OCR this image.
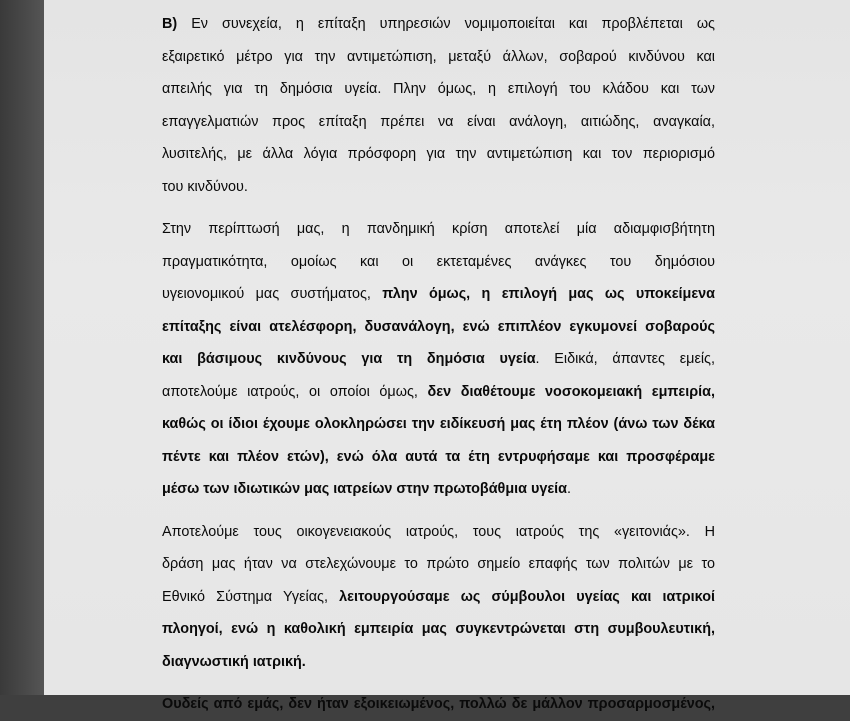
B) Εν συνεχεία, η επίταξη υπηρεσιών νομιμοποιείται και προβλέπεται ως
εξαιρετικό μέτρο για την αντιμετώπιση, μεταξύ άλλων, σοβαρού κινδύνου και
απειλής για τη δημόσια υγεία. Πλην όμως, η επιλογή του κλάδου και των
επαγγελματιών προς επίταξη πρέπει να είναι ανάλογη, αιτιώδης, αναγκαία,
λυσιτελής, με άλλα λόγια πρόσφορη για την αντιμετώπιση και τον περιορισμό
του κινδύνου.
Στην περίπτωσή μας, η πανδημική κρίση αποτελεί μία αδιαμφισβήτητη
πραγματικότητα, ομοίως και οι εκτεταμένες ανάγκες του δημόσιου
υγειονομικού μας συστήματος, πλην όμως, η επιλογή μας ως υποκείμενα
επίταξης είναι ατελέσφορη, δυσανάλογη, ενώ επιπλέον εγκυμονεί σοβαρούς
και βάσιμους κινδύνους για τη δημόσια υγεία. Ειδικά, άπαντες εμείς,
αποτελούμε ιατρούς, οι οποίοι όμως, δεν διαθέτουμε νοσοκομειακή εμπειρία,
καθώς οι ίδιοι έχουμε ολοκληρώσει την ειδίκευσή μας έτη πλέον (άνω των δέκα
πέντε και πλέον ετών), ενώ όλα αυτά τα έτη εντρυφήσαμε και προσφέραμε
μέσω των ιδιωτικών μας ιατρείων στην πρωτοβάθμια υγεία.
Αποτελούμε τους οικογενειακούς ιατρούς, τους ιατρούς της «γειτονιάς». Η
δράση μας ήταν να στελεχώνουμε το πρώτο σημείο επαφής των πολιτών με το
Εθνικό Σύστημα Υγείας, λειτουργούσαμε ως σύμβουλοι υγείας και ιατρικοί
πλοηγοί, ενώ η καθολική εμπειρία μας συγκεντρώνεται στη συμβουλευτική,
διαγνωστική ιατρική.
Ουδείς από εμάς, δεν ήταν εξοικειωμένος, πολλώ δε μάλλον προσαρμοσμένος,
